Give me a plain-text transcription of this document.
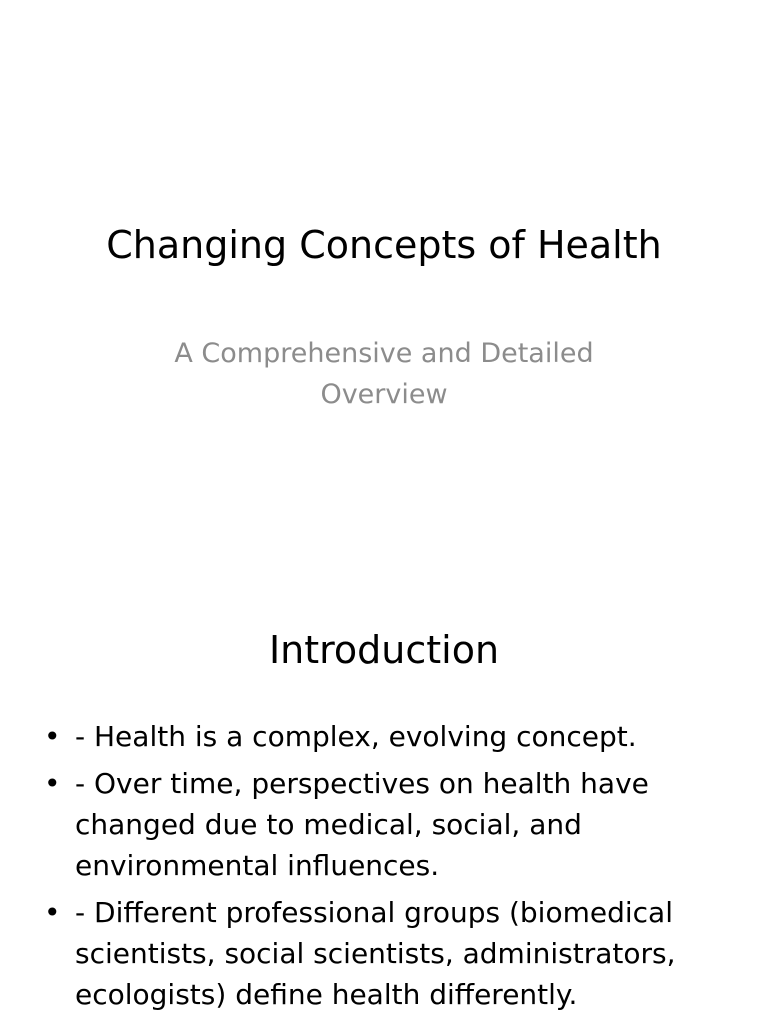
Changing Concepts of Health
A Comprehensive and Detailed Overview
Introduction
• - Health is a complex, evolving concept.
• - Over time, perspectives on health have changed due to medical, social, and environmental influences.
• - Different professional groups (biomedical scientists, social scientists, administrators, ecologists) define health differently.
